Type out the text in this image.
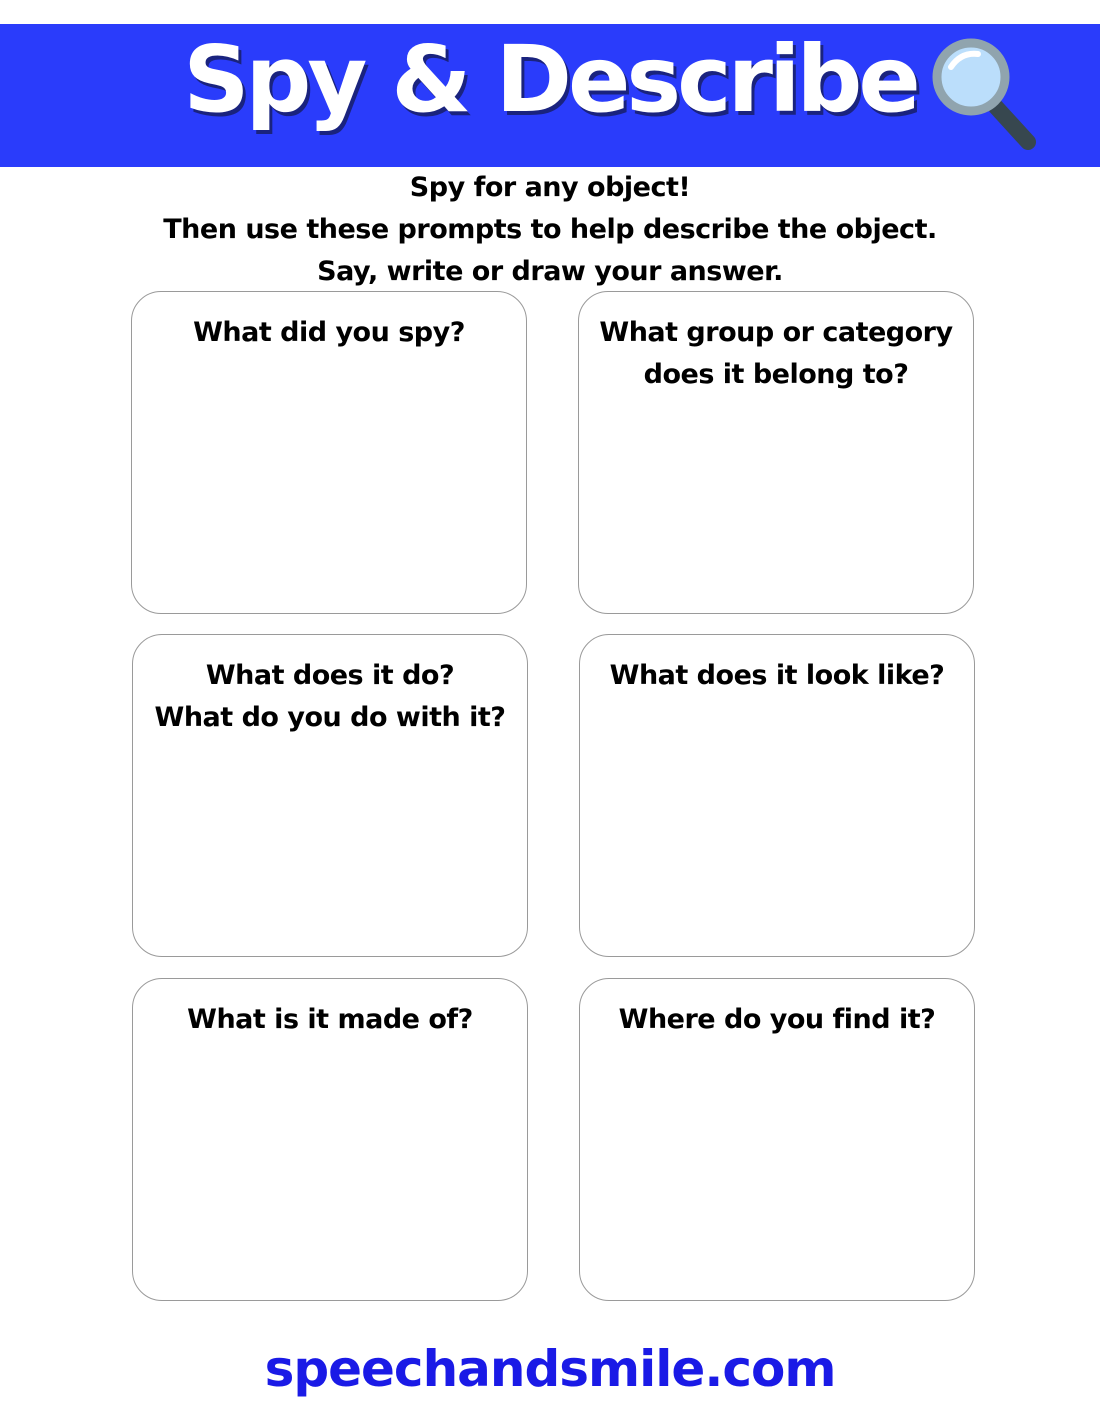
Spy & Describe
Spy for any object!
Then use these prompts to help describe the object.
Say, write or draw your answer.
What did you spy?	What group or category
does it belong to?
What does it do?
What do you do with it?
What does it look like?
What is it made of?	Where do you find it?
speechandsmile.com
